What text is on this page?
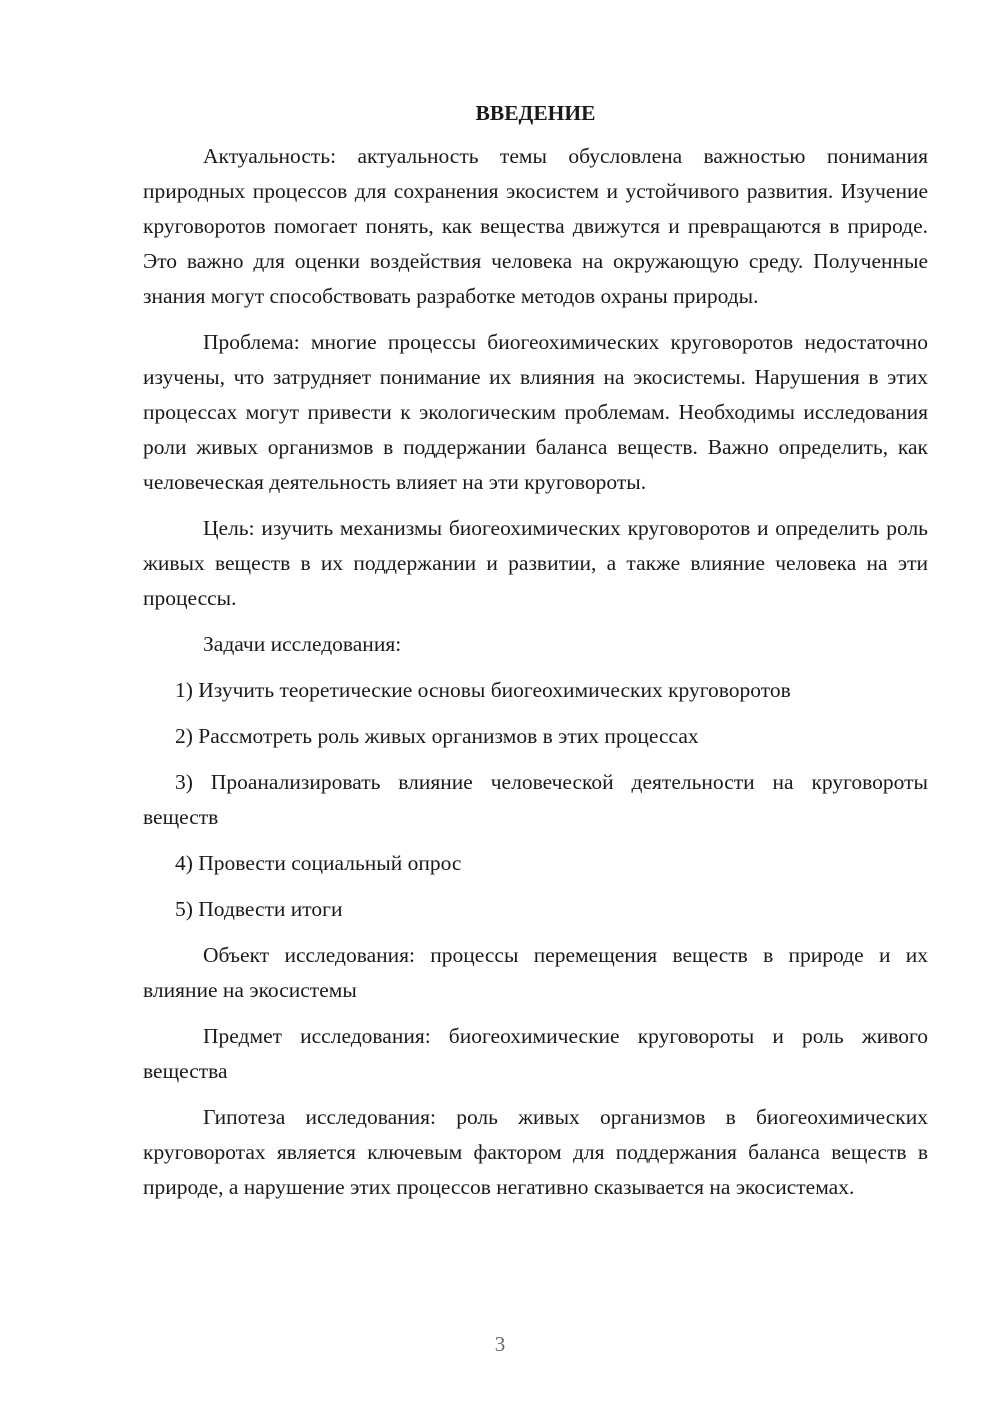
ВВЕДЕНИЕ

Актуальность: актуальность темы обусловлена важностью понимания природных процессов для сохранения экосистем и устойчивого развития. Изучение круговоротов помогает понять, как вещества движутся и превращаются в природе. Это важно для оценки воздействия человека на окружающую среду. Полученные знания могут способствовать разработке методов охраны природы.

Проблема: многие процессы биогеохимических круговоротов недостаточно изучены, что затрудняет понимание их влияния на экосистемы. Нарушения в этих процессах могут привести к экологическим проблемам. Необходимы исследования роли живых организмов в поддержании баланса веществ. Важно определить, как человеческая деятельность влияет на эти круговороты.

Цель: изучить механизмы биогеохимических круговоротов и определить роль живых веществ в их поддержании и развитии, а также влияние человека на эти процессы.

Задачи исследования:

1) Изучить теоретические основы биогеохимических круговоротов

2) Рассмотреть роль живых организмов в этих процессах

3) Проанализировать влияние человеческой деятельности на круговороты веществ

4) Провести социальный опрос

5) Подвести итоги

Объект исследования: процессы перемещения веществ в природе и их влияние на экосистемы

Предмет исследования: биогеохимические круговороты и роль живого вещества

Гипотеза исследования: роль живых организмов в биогеохимических круговоротах является ключевым фактором для поддержания баланса веществ в природе, а нарушение этих процессов негативно сказывается на экосистемах.

3
